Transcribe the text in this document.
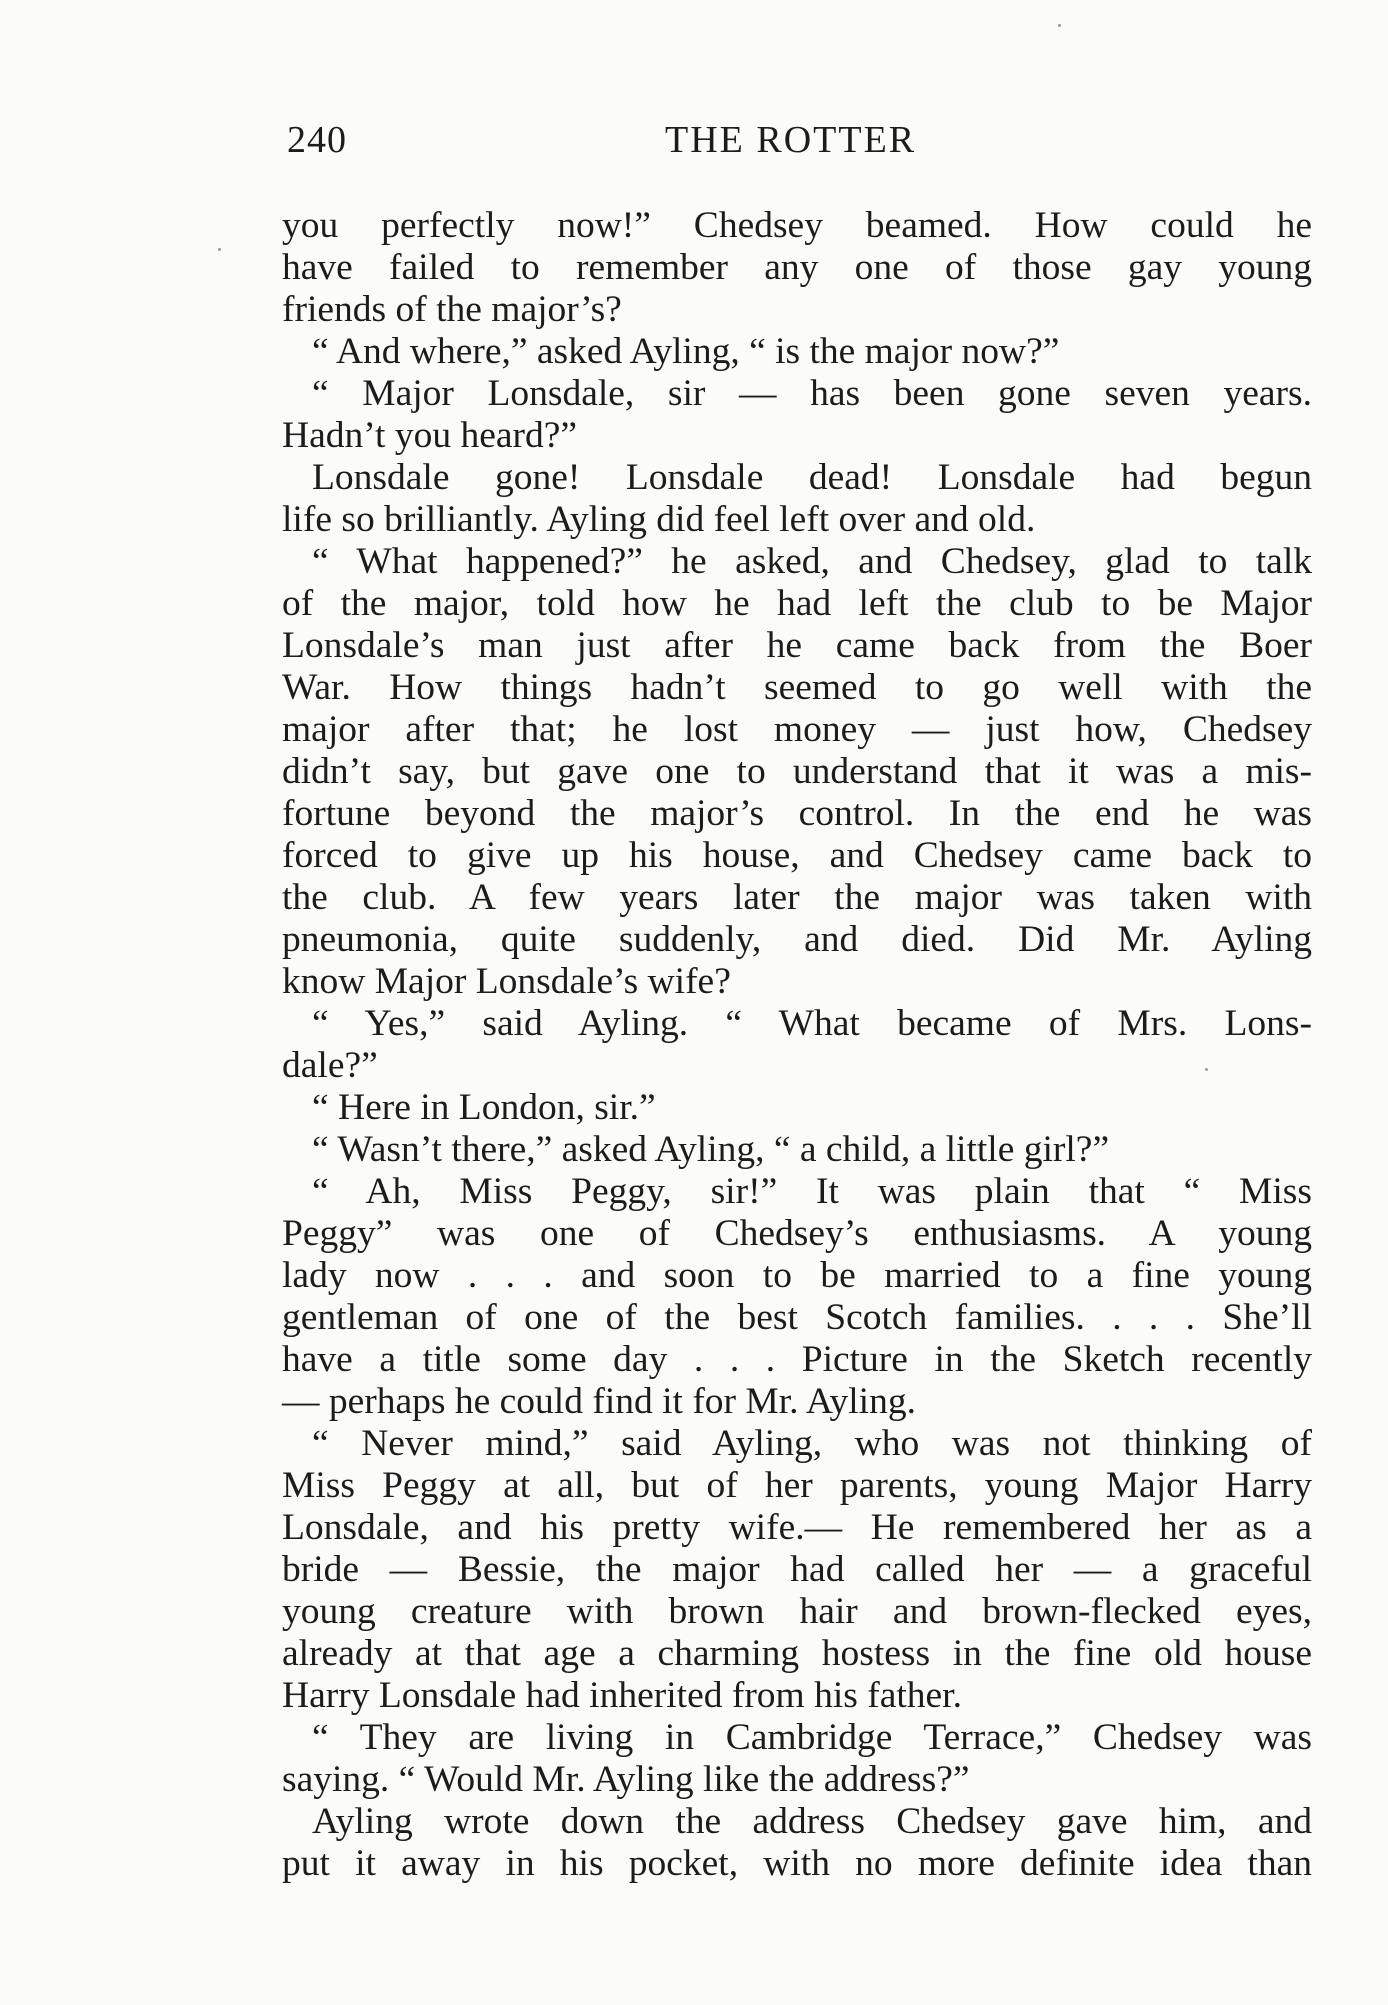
240	THE ROTTER
you perfectly now!” Chedsey beamed. How could he
have failed to remember any one of those gay young
friends of the major’s?
“ And where,” asked Ayling, “ is the major now?”
“ Major Lonsdale, sir — has been gone seven years.
Hadn’t you heard?”
Lonsdale gone! Lonsdale dead! Lonsdale had begun
life so brilliantly. Ayling did feel left over and old.
“ What happened?” he asked, and Chedsey, glad to talk
of the major, told how he had left the club to be Major
Lonsdale’s man just after he came back from the Boer
War. How things hadn’t seemed to go well with the
major after that; he lost money — just how, Chedsey
didn’t say, but gave one to understand that it was a mis-
fortune beyond the major’s control. In the end he was
forced to give up his house, and Chedsey came back to
the club. A few years later the major was taken with
pneumonia, quite suddenly, and died. Did Mr. Ayling
know Major Lonsdale’s wife?
“ Yes,” said Ayling. “ What became of Mrs. Lons-
dale?”
“ Here in London, sir.”
“ Wasn’t there,” asked Ayling, “ a child, a little girl?”
“ Ah, Miss Peggy, sir!” It was plain that “ Miss
Peggy” was one of Chedsey’s enthusiasms. A young
lady now . . . and soon to be married to a fine young
gentleman of one of the best Scotch families. . . . She’ll
have a title some day . . . Picture in the Sketch recently
— perhaps he could find it for Mr. Ayling.
“ Never mind,” said Ayling, who was not thinking of
Miss Peggy at all, but of her parents, young Major Harry
Lonsdale, and his pretty wife.— He remembered her as a
bride — Bessie, the major had called her — a graceful
young creature with brown hair and brown-flecked eyes,
already at that age a charming hostess in the fine old house
Harry Lonsdale had inherited from his father.
“ They are living in Cambridge Terrace,” Chedsey was
saying. “ Would Mr. Ayling like the address?”
Ayling wrote down the address Chedsey gave him, and
put it away in his pocket, with no more definite idea than
